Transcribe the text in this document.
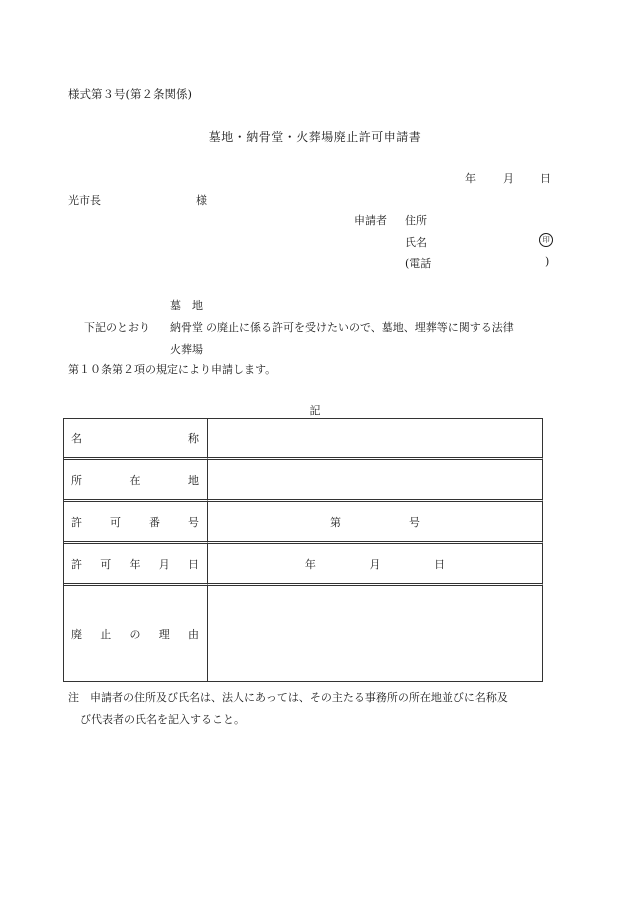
様式第３号(第２条関係)
墓地・納骨堂・火葬場廃止許可申請書
年 月 日
光市長	様
申請者 住所
氏名	印
(電話	)
墓　地
下記のとおり 納骨堂 の廃止に係る許可を受けたいので、墓地、埋葬等に関する法律
火葬場
第１０条第２項の規定により申請します。
記
名 称	

所 在 地	

許 可 番 号	第 号

許 可 年 月 日	年 月 日

廃 止 の 理 由	

注　申請者の住所及び氏名は、法人にあっては、その主たる事務所の所在地並びに名称及
び代表者の氏名を記入すること。
